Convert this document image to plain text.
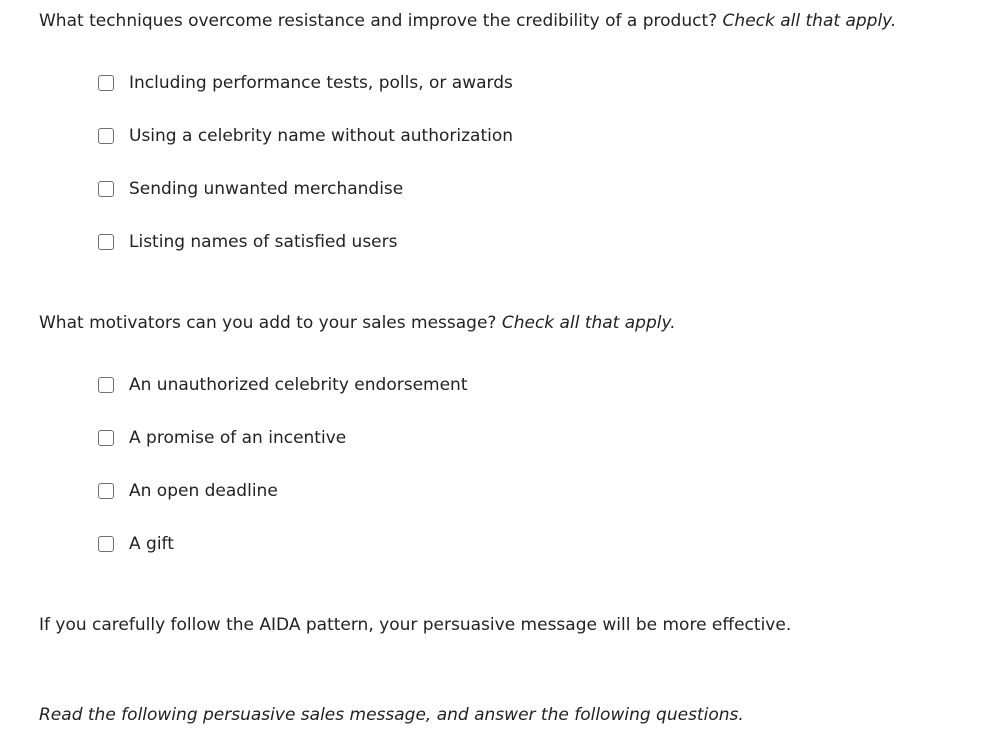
What techniques overcome resistance and improve the credibility of a product? Check all that apply.
Including performance tests, polls, or awards
Using a celebrity name without authorization
Sending unwanted merchandise
Listing names of satisfied users
What motivators can you add to your sales message? Check all that apply.
An unauthorized celebrity endorsement
A promise of an incentive
An open deadline
A gift
If you carefully follow the AIDA pattern, your persuasive message will be more effective.
Read the following persuasive sales message, and answer the following questions.
